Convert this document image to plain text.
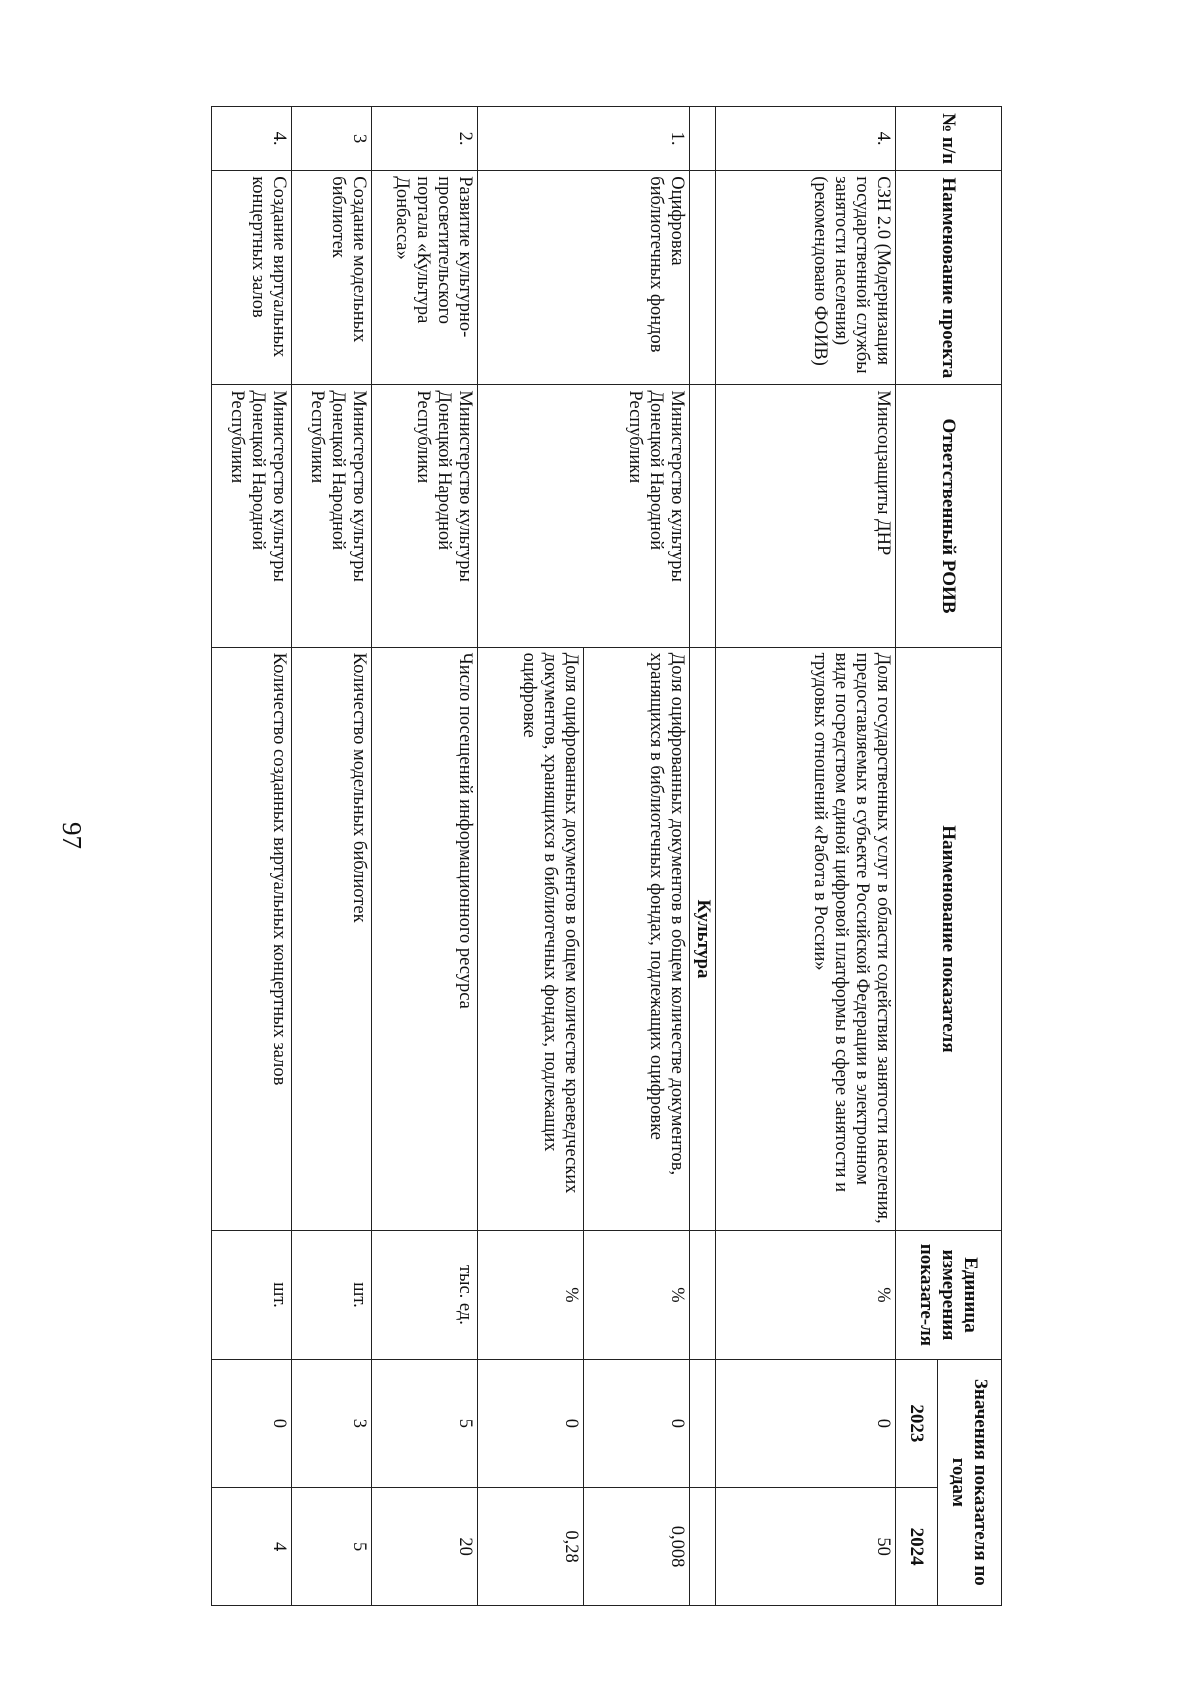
97
№ п/п	Наименование проекта	Ответственный РОИВ	Наименование показателя	Единица измерения показате-ля	Значения показателя по годам	
					2023	2024
4.	СЗН 2.0 (Модернизация государственной службы занятости населения) (рекомендовано ФОИВ)	Минсоцзащиты ДНР	Доля государственных услуг в области содействия занятости населения, предоставляемых в субъекте Российской Федерации в электронном виде посредством единой цифровой платформы в сфере занятости и трудовых отношений «Работа в России»	%	0	50
			Культура			
1.	Оцифровка библиотечных фондов	Министерство культуры Донецкой Народной Республики	Доля оцифрованных документов в общем количестве документов, хранящихся в библиотечных фондах, подлежащих оцифровке	%	0	0,008
			Доля оцифрованных документов в общем количестве краеведческих документов, хранящихся в библиотечных фондах, подлежащих оцифровке	%	0	0,28
2.	Развитие культурно-просветительского портала «Культура Донбасса»	Министерство культуры Донецкой Народной Республики	Число посещений информационного ресурса	тыс. ед.	5	20
3	Создание модельных библиотек	Министерство культуры Донецкой Народной Республики	Количество модельных библиотек	шт.	3	5
4.	Создание виртуальных концертных залов	Министерство культуры Донецкой Народной Республики	Количество созданных виртуальных концертных залов	шт.	0	4
